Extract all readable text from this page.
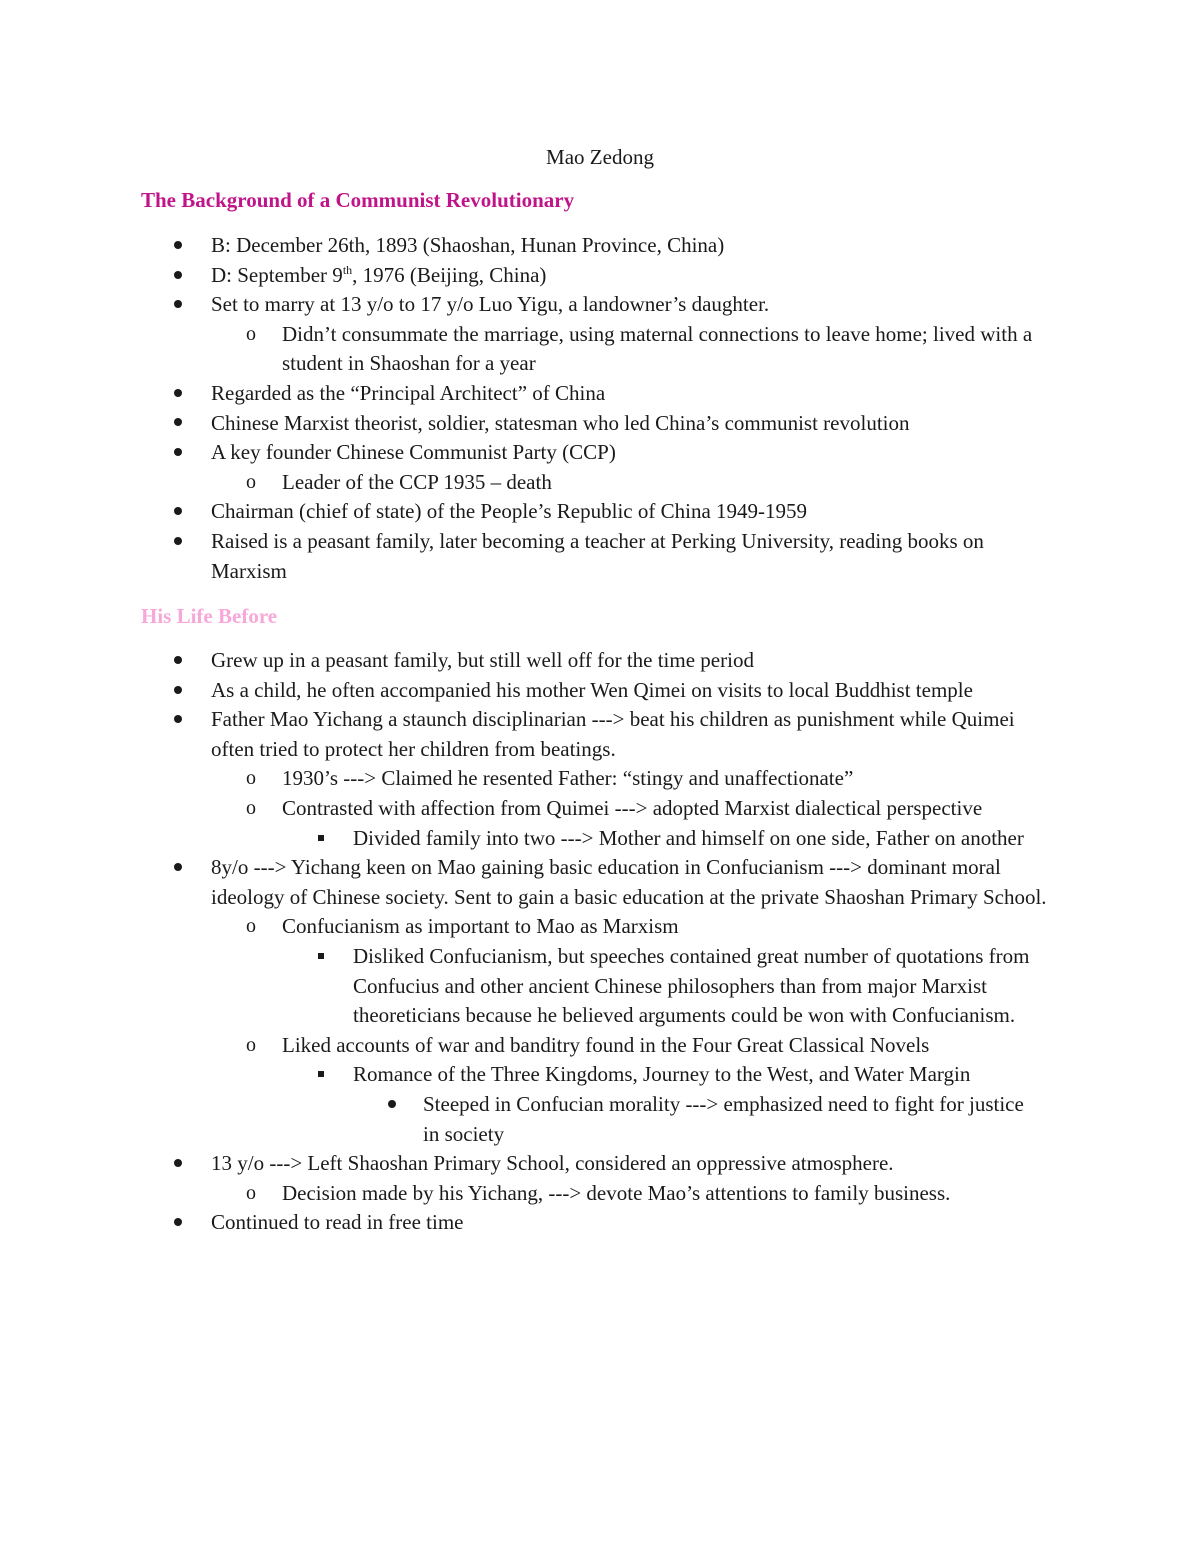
Mao Zedong
The Background of a Communist Revolutionary
B: December 26th, 1893 (Shaoshan, Hunan Province, China)
D: September 9th, 1976 (Beijing, China)
Set to marry at 13 y/o to 17 y/o Luo Yigu, a landowner’s daughter.
o Didn’t consummate the marriage, using maternal connections to leave home; lived with a student in Shaoshan for a year
Regarded as the “Principal Architect” of China
Chinese Marxist theorist, soldier, statesman who led China’s communist revolution
A key founder Chinese Communist Party (CCP)
o Leader of the CCP 1935 – death
Chairman (chief of state) of the People’s Republic of China 1949-1959
Raised is a peasant family, later becoming a teacher at Perking University, reading books on Marxism
His Life Before
Grew up in a peasant family, but still well off for the time period
As a child, he often accompanied his mother Wen Qimei on visits to local Buddhist temple
Father Mao Yichang a staunch disciplinarian ---> beat his children as punishment while Quimei often tried to protect her children from beatings.
o 1930’s ---> Claimed he resented Father: “stingy and unaffectionate”
o Contrasted with affection from Quimei ---> adopted Marxist dialectical perspective
Divided family into two ---> Mother and himself on one side, Father on another
8y/o ---> Yichang keen on Mao gaining basic education in Confucianism ---> dominant moral ideology of Chinese society. Sent to gain a basic education at the private Shaoshan Primary School.
o Confucianism as important to Mao as Marxism
Disliked Confucianism, but speeches contained great number of quotations from Confucius and other ancient Chinese philosophers than from major Marxist theoreticians because he believed arguments could be won with Confucianism.
o Liked accounts of war and banditry found in the Four Great Classical Novels
Romance of the Three Kingdoms, Journey to the West, and Water Margin
Steeped in Confucian morality ---> emphasized need to fight for justice in society
13 y/o ---> Left Shaoshan Primary School, considered an oppressive atmosphere.
o Decision made by his Yichang, ---> devote Mao’s attentions to family business.
Continued to read in free time
